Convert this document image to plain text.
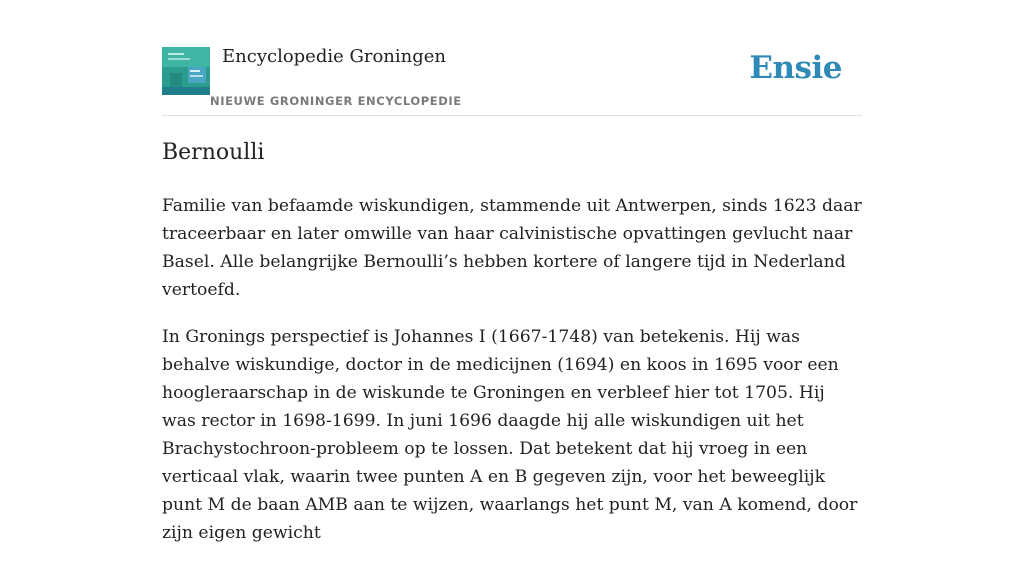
Encyclopedie Groningen
NIEUWE GRONINGER ENCYCLOPEDIE
Ensie
Bernoulli

Familie van befaamde wiskundigen, stammende uit Antwerpen, sinds 1623 daar traceerbaar en later omwille van haar calvinistische opvattingen gevlucht naar Basel. Alle belangrijke Bernoulli’s hebben kortere of langere tijd in Nederland vertoefd.

In Gronings perspectief is Johannes I (1667-1748) van betekenis. Hij was behalve wiskundige, doctor in de medicijnen (1694) en koos in 1695 voor een hoogleraarschap in de wiskunde te Groningen en verbleef hier tot 1705. Hij was rector in 1698-1699. In juni 1696 daagde hij alle wiskundigen uit het Brachystochroon-probleem op te lossen. Dat betekent dat hij vroeg in een verticaal vlak, waarin twee punten A en B gegeven zijn, voor het beweeglijk punt M de baan AMB aan te wijzen, waarlangs het punt M, van A komend, door zijn eigen gewicht
